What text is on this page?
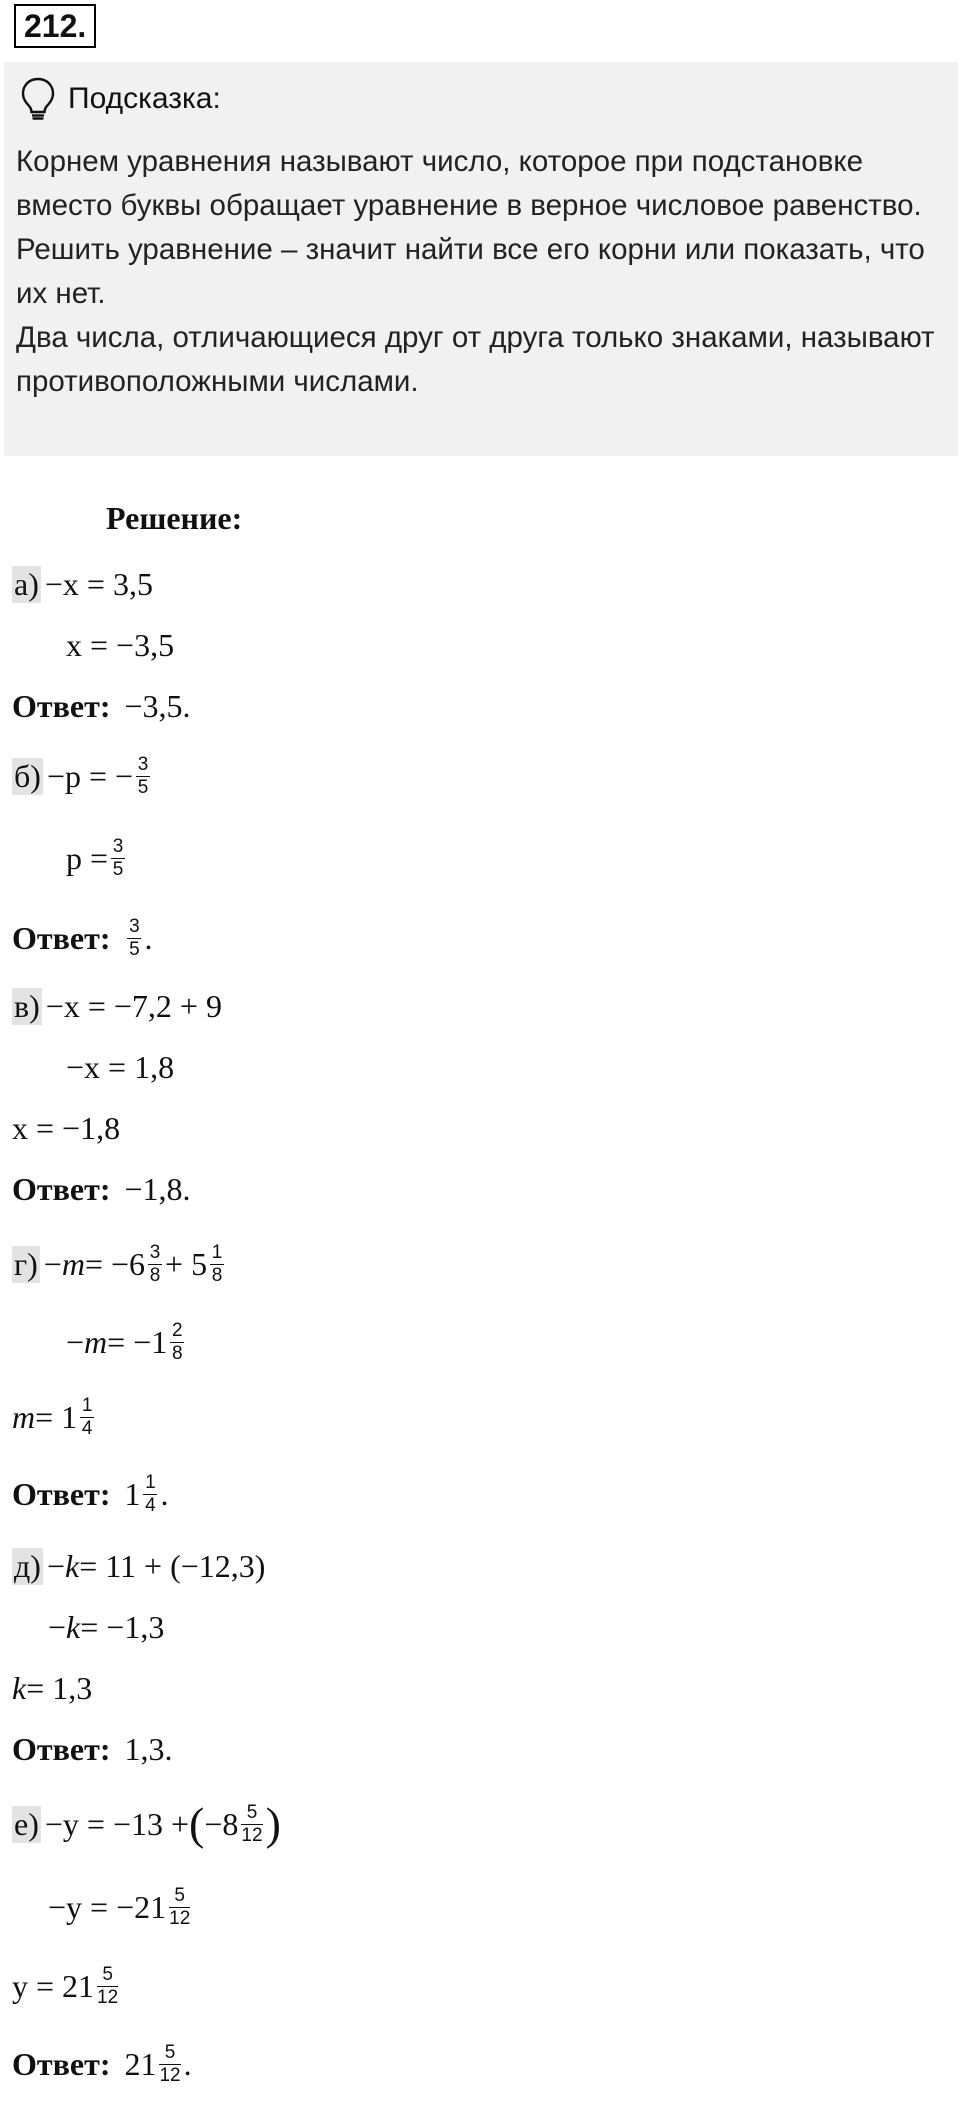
212.
Подсказка:

Корнем уравнения называют число, которое при подстановке вместо буквы обращает уравнение в верное числовое равенство.

Решить уравнение – значит найти все его корни или показать, что их нет.

Два числа, отличающиеся друг от друга только знаками, называют противоположными числами.

Решение:
а) −x = 3,5
x = −3,5
Ответ: −3,5.
б) −p = − $\frac{3}{5}$
$p = \frac{3}{5}$
Ответ: $\frac{3}{5}$ .
в) −x = −7,2 + 9
−x = 1,8
x = −1,8
Ответ: −1,8.
$г) - m = -6 \frac{3}{8} + 5 \frac{1}{8}$
− $m = -1 \frac{2}{8}$
$m = 1 \frac{1}{4}$
Ответ: $1 \frac{1}{4}$ .
д) − k = 11 + (−12,3)
− k = −1,3
k = 1,3
Ответ: 1,3.
е) −y = −13 + ( $-8 \frac{5}{12}$ )
$-y = -21 \frac{5}{12}$
$y = 21 \frac{5}{12}$
Ответ: $21 \frac{5}{12}$ .
